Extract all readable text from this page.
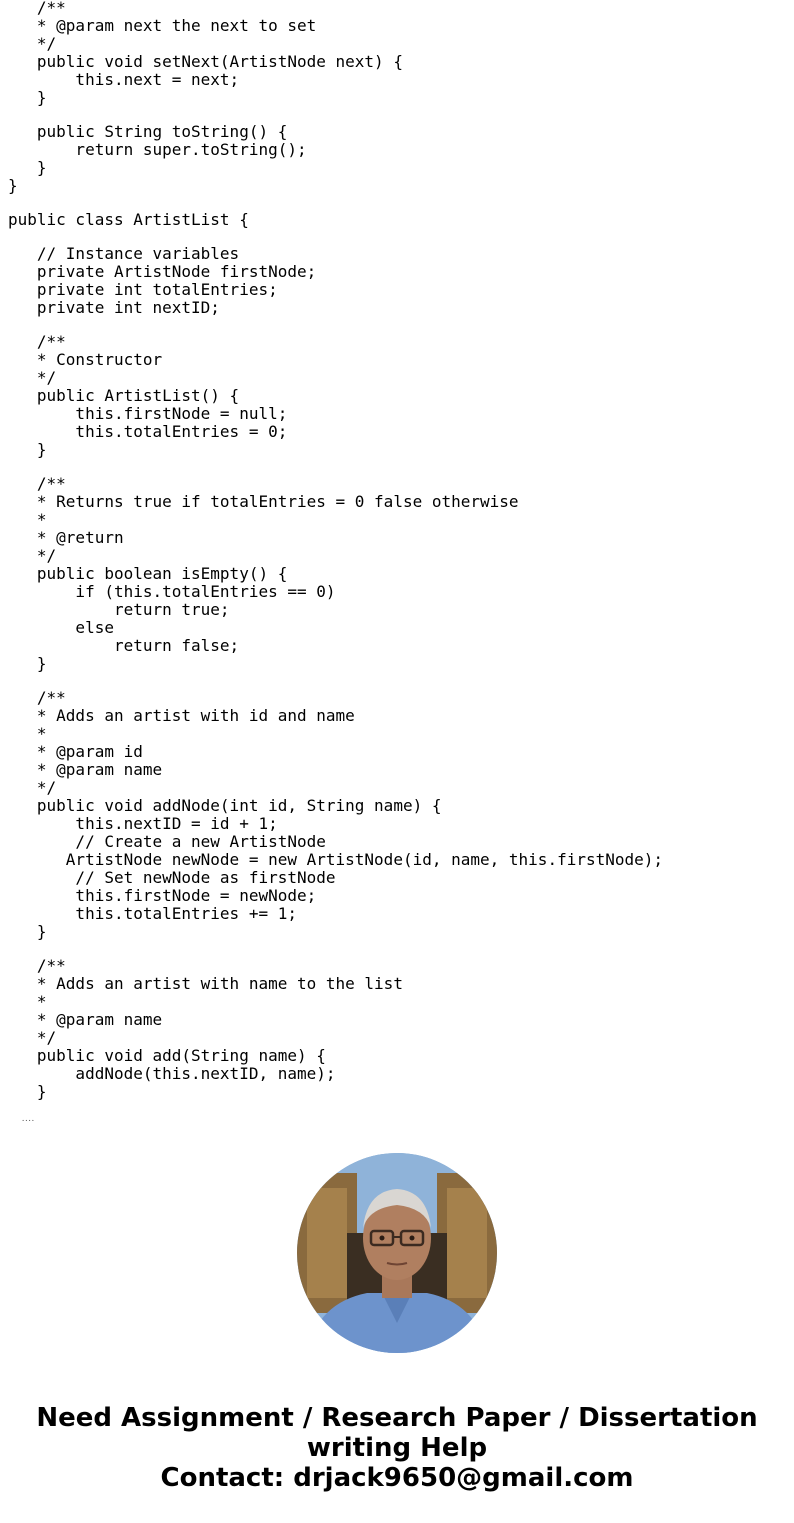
/**
* @param next the next to set
*/
public void setNext(ArtistNode next) {
this.next = next;
}
public String toString() {
return super.toString();
}
}
public class ArtistList {
// Instance variables
private ArtistNode firstNode;
private int totalEntries;
private int nextID;
/**
* Constructor
*/
public ArtistList() {
this.firstNode = null;
this.totalEntries = 0;
}
/**
* Returns true if totalEntries = 0 false otherwise
*
* @return
*/
public boolean isEmpty() {
if (this.totalEntries == 0)
return true;
else
return false;
}
/**
* Adds an artist with id and name
*
* @param id
* @param name
*/
public void addNode(int id, String name) {
this.nextID = id + 1;
// Create a new ArtistNode
ArtistNode newNode = new ArtistNode(id, name, this.firstNode);
// Set newNode as firstNode
this.firstNode = newNode;
this.totalEntries += 1;
}
/**
* Adds an artist with name to the list
*
* @param name
*/
public void add(String name) {
addNode(this.nextID, name);
}
....
Need Assignment / Research Paper / Dissertation
writing Help
Contact: drjack9650@gmail.com
